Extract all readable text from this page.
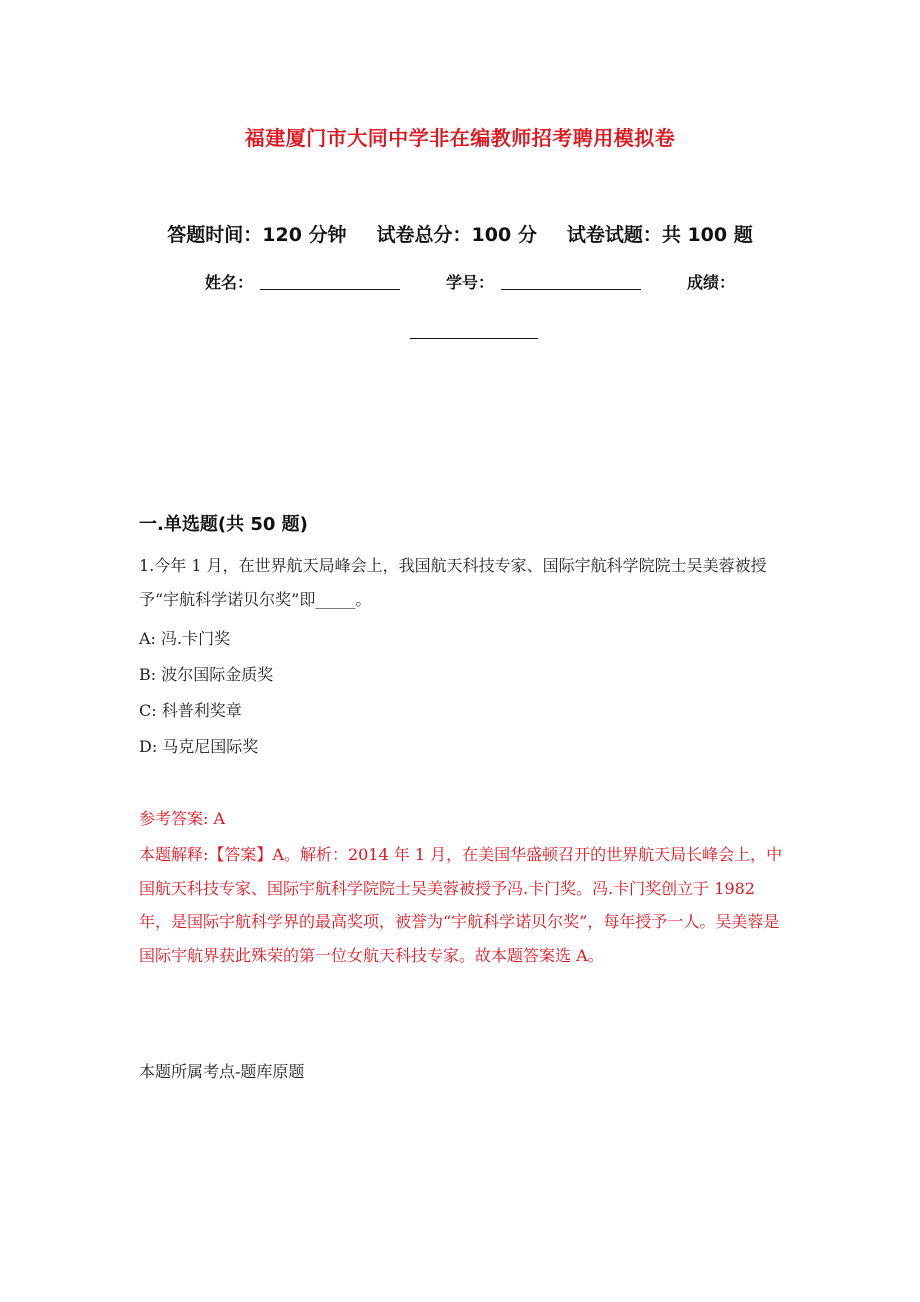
福建厦门市大同中学非在编教师招考聘用模拟卷
答题时间：120 分钟 试卷总分：100 分 试卷试题：共 100 题
姓名：	学号：	成绩：
一.单选题(共 50 题)
1.今年 1 月，在世界航天局峰会上，我国航天科技专家、国际宇航科学院院士吴美蓉被授予“宇航科学诺贝尔奖”即_____。
A: 冯.卡门奖
B: 波尔国际金质奖
C: 科普利奖章
D: 马克尼国际奖
参考答案: A
本题解释:【答案】A。解析：2014 年 1 月，在美国华盛顿召开的世界航天局长峰会上，中国航天科技专家、国际宇航科学院院士吴美蓉被授予冯.卡门奖。冯.卡门奖创立于 1982 年，是国际宇航科学界的最高奖项，被誉为“宇航科学诺贝尔奖”，每年授予一人。吴美蓉是国际宇航界获此殊荣的第一位女航天科技专家。故本题答案选 A。
本题所属考点-题库原题
